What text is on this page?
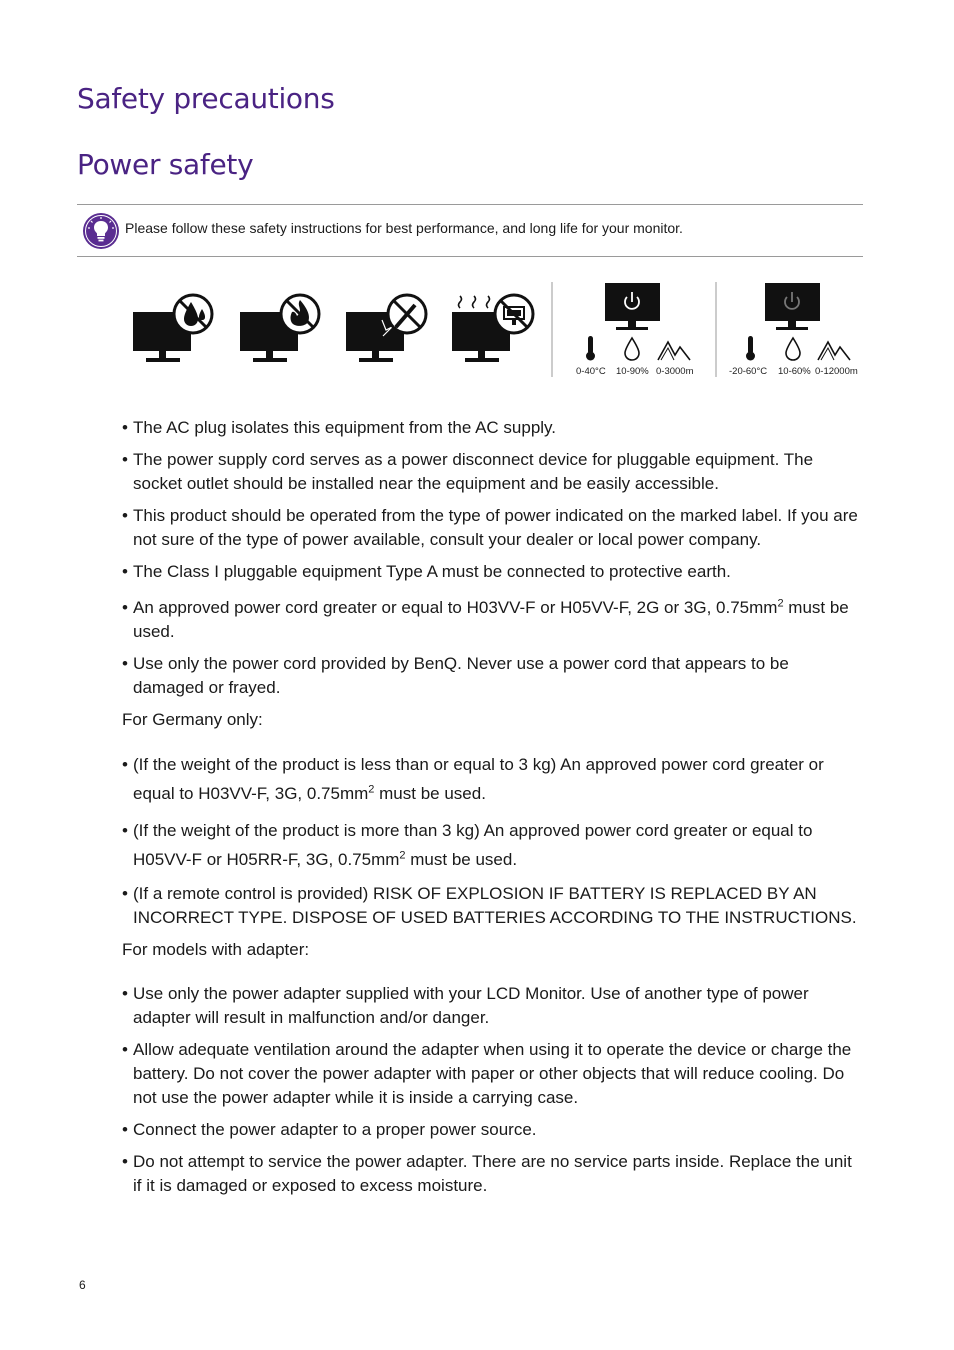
Safety precautions
Power safety
Please follow these safety instructions for best performance, and long life for your monitor.
0-40°C 10-90% 0-3000m	-20-60°C 10-60% 0-12000m
• The AC plug isolates this equipment from the AC supply.
• The power supply cord serves as a power disconnect device for pluggable equipment. The socket outlet should be installed near the equipment and be easily accessible.
• This product should be operated from the type of power indicated on the marked label. If you are not sure of the type of power available, consult your dealer or local power company.
• The Class I pluggable equipment Type A must be connected to protective earth.
• An approved power cord greater or equal to H03VV-F or H05VV-F, 2G or 3G, $0.75mm^2$ must be used.
• Use only the power cord provided by BenQ. Never use a power cord that appears to be damaged or frayed.

For Germany only:

• (If the weight of the product is less than or equal to 3 kg) An approved power cord greater or equal to H03VV-F, 3G, $0.75mm^2$ must be used.
• (If the weight of the product is more than 3 kg) An approved power cord greater or equal to H05VV-F or H05RR-F, 3G, $0.75mm^2$ must be used.
• (If a remote control is provided) RISK OF EXPLOSION IF BATTERY IS REPLACED BY AN INCORRECT TYPE. DISPOSE OF USED BATTERIES ACCORDING TO THE INSTRUCTIONS.

For models with adapter:

• Use only the power adapter supplied with your LCD Monitor. Use of another type of power adapter will result in malfunction and/or danger.
• Allow adequate ventilation around the adapter when using it to operate the device or charge the battery. Do not cover the power adapter with paper or other objects that will reduce cooling. Do not use the power adapter while it is inside a carrying case.
• Connect the power adapter to a proper power source.
• Do not attempt to service the power adapter. There are no service parts inside. Replace the unit if it is damaged or exposed to excess moisture.
6
